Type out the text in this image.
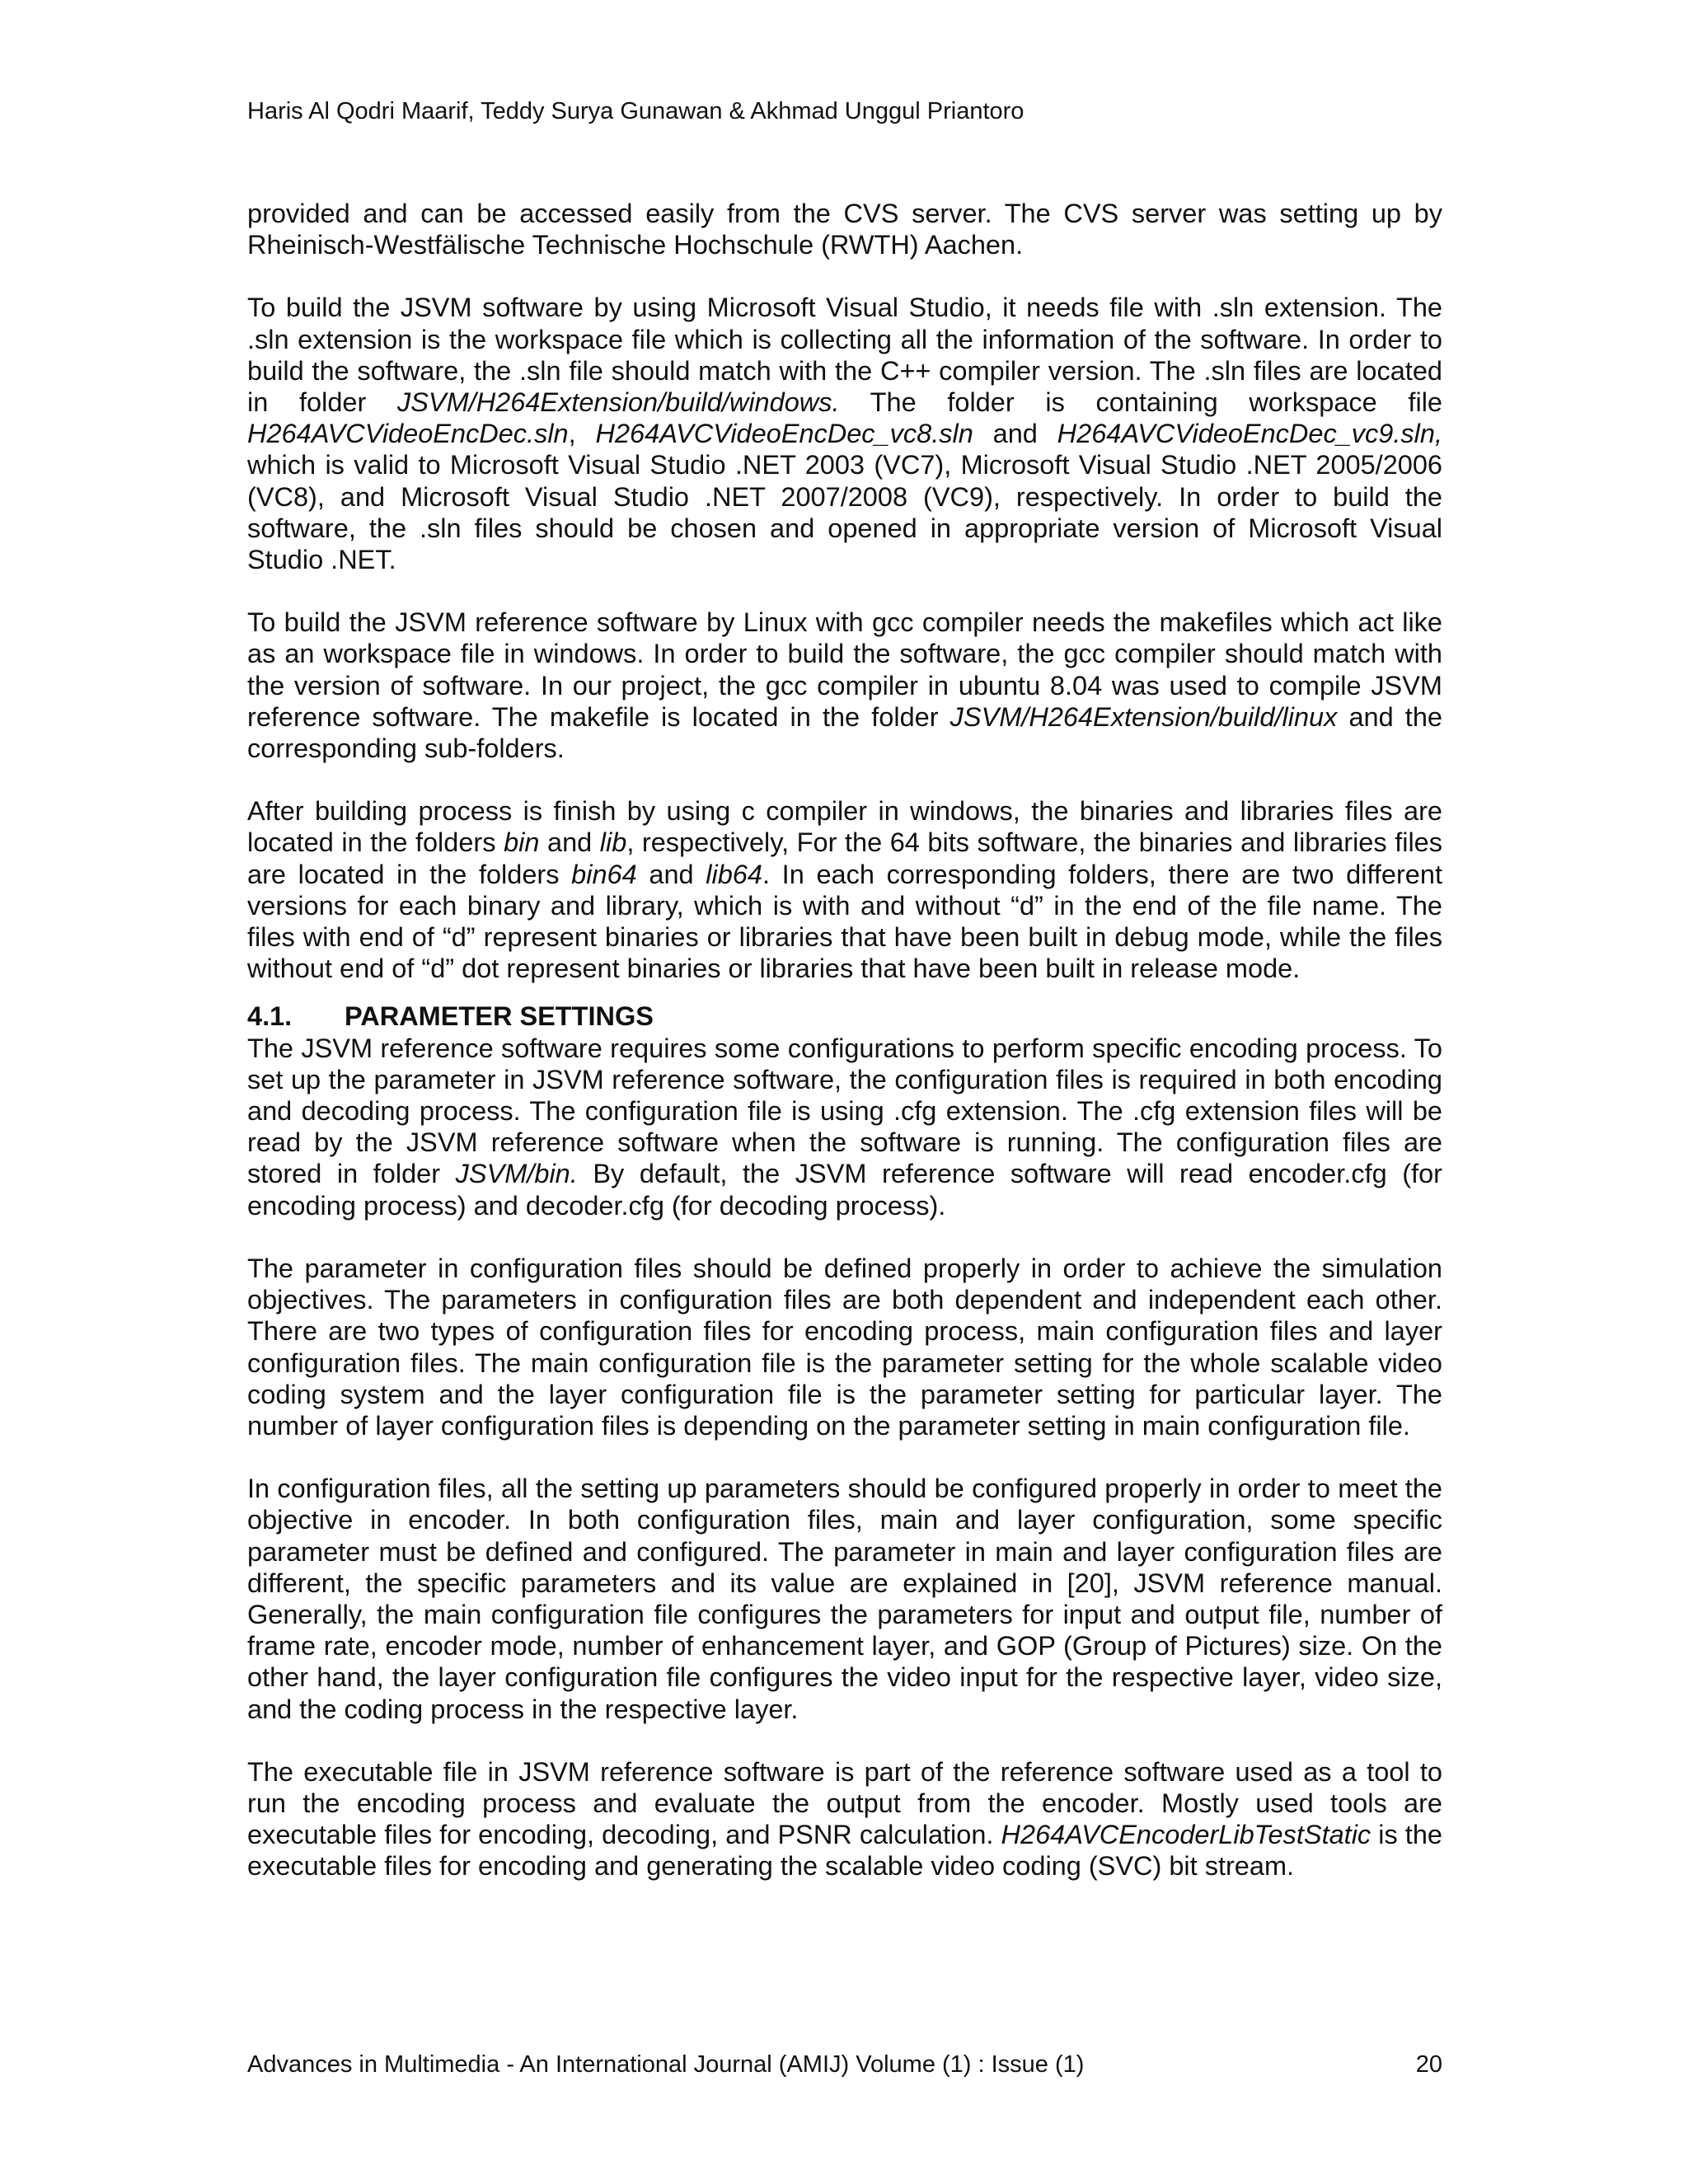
Haris Al Qodri Maarif, Teddy Surya Gunawan & Akhmad Unggul Priantoro

provided and can be accessed easily from the CVS server. The CVS server was setting up by Rheinisch-Westfälische Technische Hochschule (RWTH) Aachen.

To build the JSVM software by using Microsoft Visual Studio, it needs file with .sln extension. The .sln extension is the workspace file which is collecting all the information of the software. In order to build the software, the .sln file should match with the C++ compiler version. The .sln files are located in folder JSVM/H264Extension/build/windows. The folder is containing workspace file H264AVCVideoEncDec.sln, H264AVCVideoEncDec_vc8.sln and H264AVCVideoEncDec_vc9.sln, which is valid to Microsoft Visual Studio .NET 2003 (VC7), Microsoft Visual Studio .NET 2005/2006 (VC8), and Microsoft Visual Studio .NET 2007/2008 (VC9), respectively. In order to build the software, the .sln files should be chosen and opened in appropriate version of Microsoft Visual Studio .NET.

To build the JSVM reference software by Linux with gcc compiler needs the makefiles which act like as an workspace file in windows. In order to build the software, the gcc compiler should match with the version of software. In our project, the gcc compiler in ubuntu 8.04 was used to compile JSVM reference software. The makefile is located in the folder JSVM/H264Extension/build/linux and the corresponding sub-folders.

After building process is finish by using c compiler in windows, the binaries and libraries files are located in the folders bin and lib, respectively, For the 64 bits software, the binaries and libraries files are located in the folders bin64 and lib64. In each corresponding folders, there are two different versions for each binary and library, which is with and without “d” in the end of the file name. The files with end of “d” represent binaries or libraries that have been built in debug mode, while the files without end of “d” dot represent binaries or libraries that have been built in release mode.

4.1. PARAMETER SETTINGS

The JSVM reference software requires some configurations to perform specific encoding process. To set up the parameter in JSVM reference software, the configuration files is required in both encoding and decoding process. The configuration file is using .cfg extension. The .cfg extension files will be read by the JSVM reference software when the software is running. The configuration files are stored in folder JSVM/bin. By default, the JSVM reference software will read encoder.cfg (for encoding process) and decoder.cfg (for decoding process).

The parameter in configuration files should be defined properly in order to achieve the simulation objectives. The parameters in configuration files are both dependent and independent each other. There are two types of configuration files for encoding process, main configuration files and layer configuration files. The main configuration file is the parameter setting for the whole scalable video coding system and the layer configuration file is the parameter setting for particular layer. The number of layer configuration files is depending on the parameter setting in main configuration file.

In configuration files, all the setting up parameters should be configured properly in order to meet the objective in encoder. In both configuration files, main and layer configuration, some specific parameter must be defined and configured. The parameter in main and layer configuration files are different, the specific parameters and its value are explained in [20], JSVM reference manual. Generally, the main configuration file configures the parameters for input and output file, number of frame rate, encoder mode, number of enhancement layer, and GOP (Group of Pictures) size. On the other hand, the layer configuration file configures the video input for the respective layer, video size, and the coding process in the respective layer.

The executable file in JSVM reference software is part of the reference software used as a tool to run the encoding process and evaluate the output from the encoder. Mostly used tools are executable files for encoding, decoding, and PSNR calculation. H264AVCEncoderLibTestStatic is the executable files for encoding and generating the scalable video coding (SVC) bit stream.

Advances in Multimedia - An International Journal (AMIJ) Volume (1) : Issue (1)	20
